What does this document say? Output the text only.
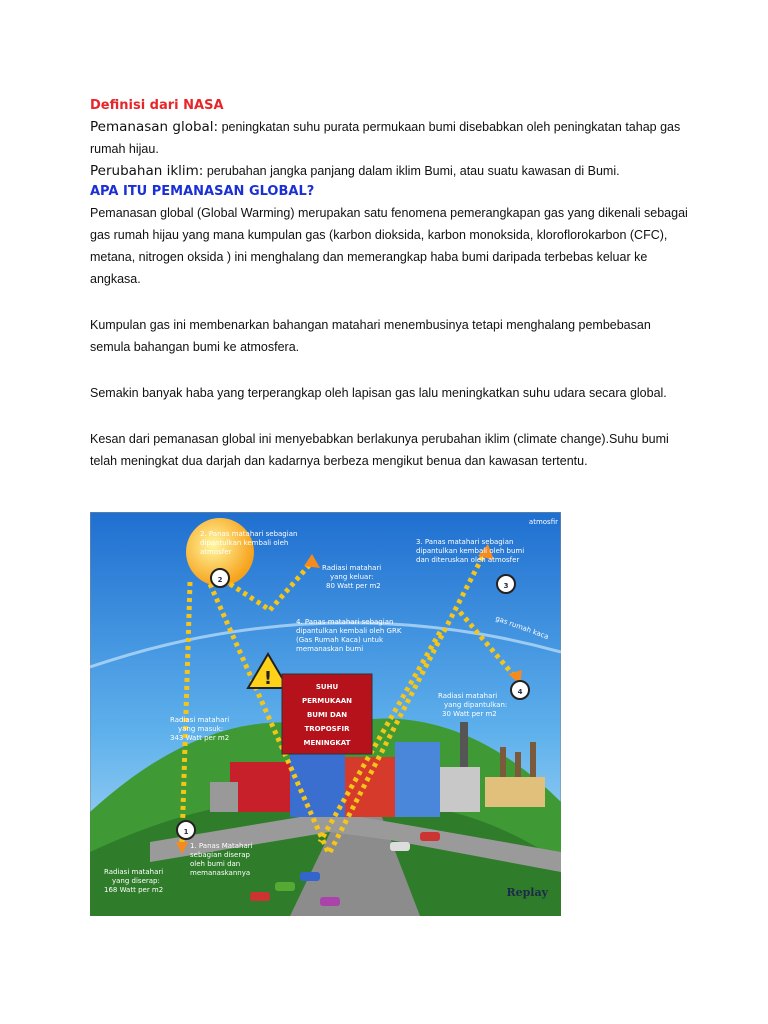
Definisi dari NASA

Pemanasan global: peningkatan suhu purata permukaan bumi disebabkan oleh peningkatan tahap gas rumah hijau.

Perubahan iklim: perubahan jangka panjang dalam iklim Bumi, atau suatu kawasan di Bumi.

APA ITU PEMANASAN GLOBAL?

Pemanasan global (Global Warming) merupakan satu fenomena pemerangkapan gas yang dikenali sebagai gas rumah hijau yang mana kumpulan gas (karbon dioksida, karbon monoksida, kloroflorokarbon (CFC), metana, nitrogen oksida ) ini menghalang dan memerangkap haba bumi daripada terbebas keluar ke angkasa.

Kumpulan gas ini membenarkan bahangan matahari menembusinya tetapi menghalang pembebasan semula bahangan bumi ke atmosfera.

Semakin banyak haba yang terperangkap oleh lapisan gas lalu meningkatkan suhu udara secara global.

Kesan dari pemanasan global ini menyebabkan berlakunya perubahan iklim (climate change).Suhu bumi telah meningkat dua darjah dan kadarnya berbeza mengikut benua dan kawasan tertentu.

!	SUHU
PERMUKAAN
BUMI DAN
TROPOSFIR
MENINGKAT
2
3
4
1
atmosfir
gas rumah kaca
2. Panas matahari sebagian
dipantulkan kembali oleh
atmosfer
3. Panas matahari sebagian
dipantulkan kembali oleh bumi
dan diteruskan oleh atmosfer
4. Panas matahari sebagian
dipantulkan kembali oleh GRK
(Gas Rumah Kaca) untuk
memanaskan bumi
1. Panas Matahari
sebagian diserap
oleh bumi dan
memanaskannya
Radiasi matahari
yang keluar:
80 Watt per m2
Radiasi matahari
yang masuk:
343 Watt per m2
Radiasi matahari
yang dipantulkan:
30 Watt per m2
Radiasi matahari
yang diserap:
168 Watt per m2	Replay
